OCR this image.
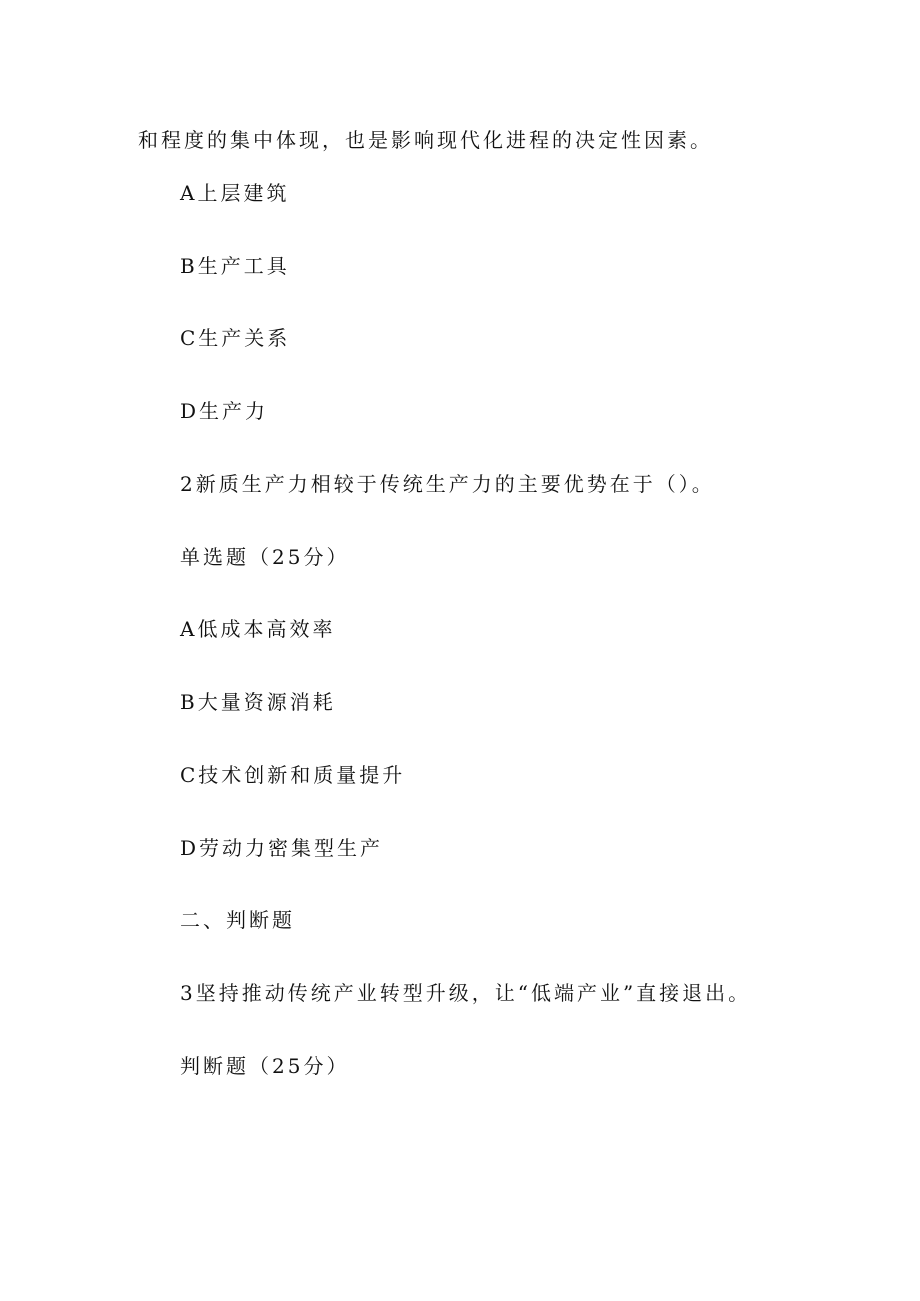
和程度的集中体现，也是影响现代化进程的决定性因素。

A上层建筑

B生产工具

C生产关系

D生产力

2新质生产力相较于传统生产力的主要优势在于（）。

单选题（25分）

A低成本高效率

B大量资源消耗

C技术创新和质量提升

D劳动力密集型生产

二、判断题

3坚持推动传统产业转型升级，让“低端产业”直接退出。

判断题（25分）
